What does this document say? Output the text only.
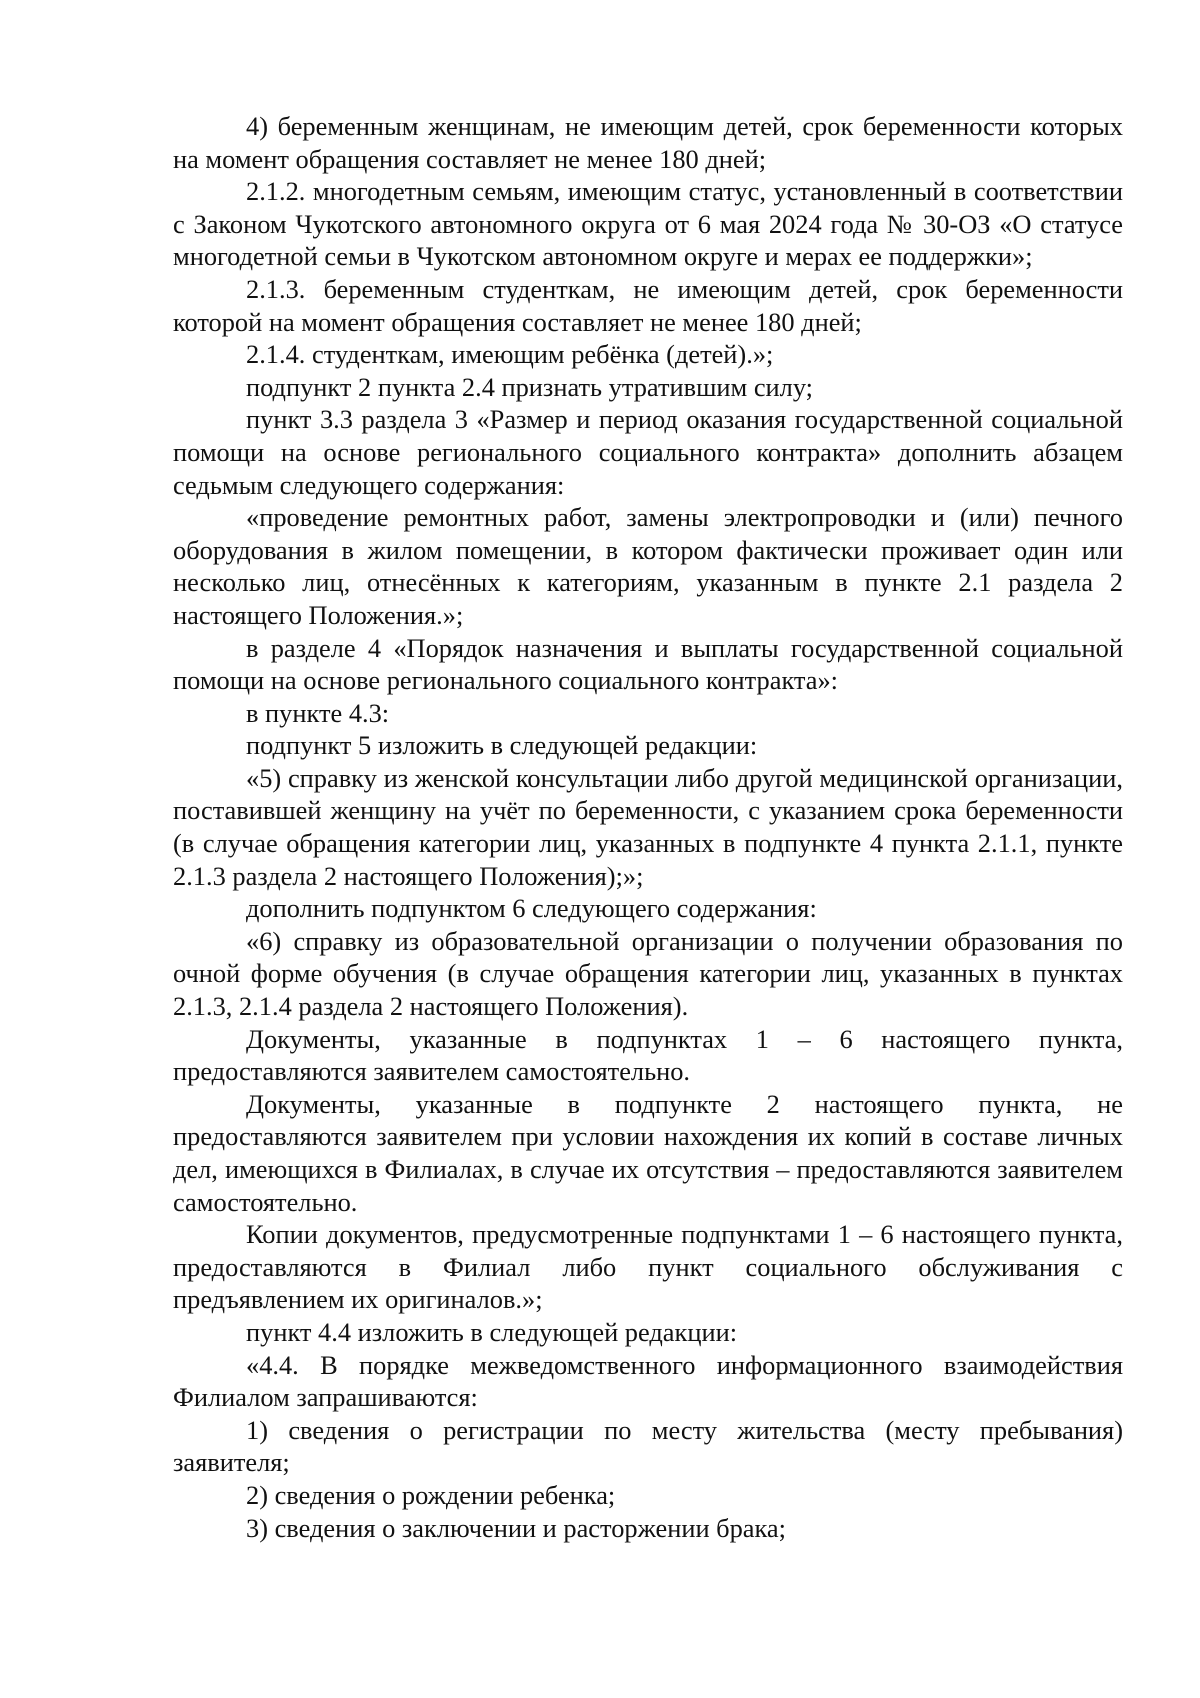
4) беременным женщинам, не имеющим детей, срок беременности которых на момент обращения составляет не менее 180 дней;

2.1.2. многодетным семьям, имеющим статус, установленный в соответствии с Законом Чукотского автономного округа от 6 мая 2024 года № 30-ОЗ «О статусе многодетной семьи в Чукотском автономном округе и мерах ее поддержки»;

2.1.3. беременным студенткам, не имеющим детей, срок беременности которой на момент обращения составляет не менее 180 дней;

2.1.4. студенткам, имеющим ребёнка (детей).»;

подпункт 2 пункта 2.4 признать утратившим силу;

пункт 3.3 раздела 3 «Размер и период оказания государственной социальной помощи на основе регионального социального контракта» дополнить абзацем седьмым следующего содержания:

«проведение ремонтных работ, замены электропроводки и (или) печного оборудования в жилом помещении, в котором фактически проживает один или несколько лиц, отнесённых к категориям, указанным в пункте 2.1 раздела 2 настоящего Положения.»;

в разделе 4 «Порядок назначения и выплаты государственной социальной помощи на основе регионального социального контракта»:

в пункте 4.3:

подпункт 5 изложить в следующей редакции:

«5) справку из женской консультации либо другой медицинской организации, поставившей женщину на учёт по беременности, с указанием срока беременности (в случае обращения категории лиц, указанных в подпункте 4 пункта 2.1.1, пункте 2.1.3 раздела 2 настоящего Положения);»;

дополнить подпунктом 6 следующего содержания:

«6) справку из образовательной организации о получении образования по очной форме обучения (в случае обращения категории лиц, указанных в пунктах 2.1.3, 2.1.4 раздела 2 настоящего Положения).

Документы, указанные в подпунктах 1 – 6 настоящего пункта, предоставляются заявителем самостоятельно.

Документы, указанные в подпункте 2 настоящего пункта, не предоставляются заявителем при условии нахождения их копий в составе личных дел, имеющихся в Филиалах, в случае их отсутствия – предоставляются заявителем самостоятельно.

Копии документов, предусмотренные подпунктами 1 – 6 настоящего пункта, предоставляются в Филиал либо пункт социального обслуживания с предъявлением их оригиналов.»;

пункт 4.4 изложить в следующей редакции:

«4.4. В порядке межведомственного информационного взаимодействия Филиалом запрашиваются:

1) сведения о регистрации по месту жительства (месту пребывания) заявителя;

2) сведения о рождении ребенка;

3) сведения о заключении и расторжении брака;
